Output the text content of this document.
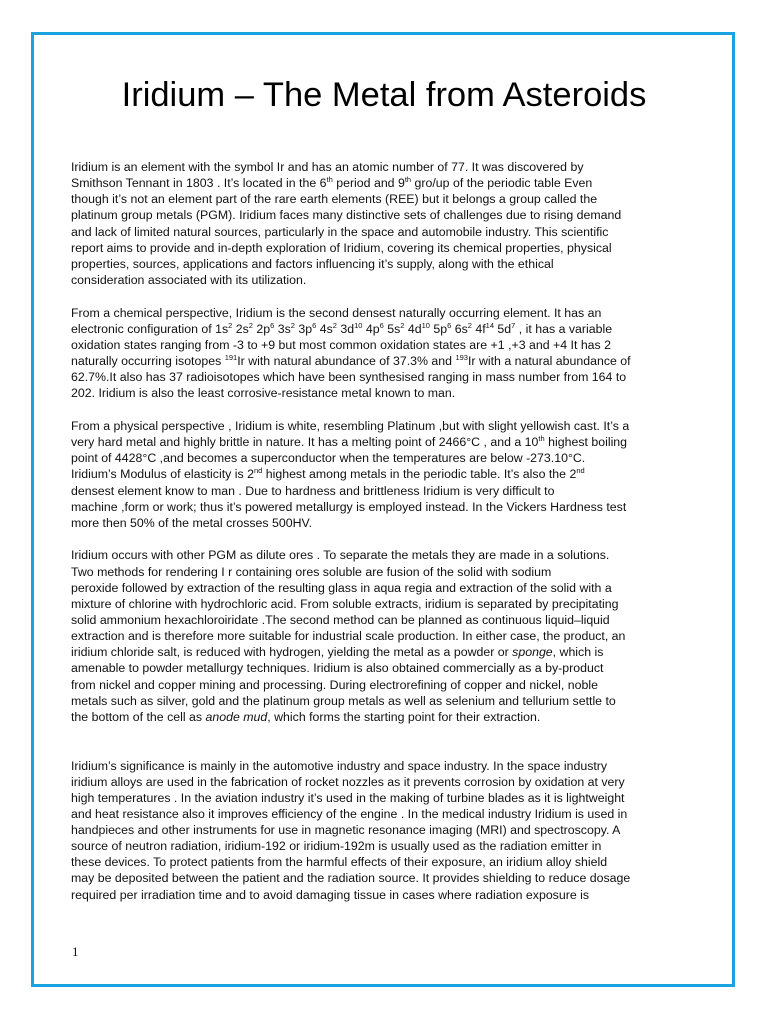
Iridium – The Metal from Asteroids
Iridium is an element with the symbol Ir and has an atomic number of 77. It was discovered by
Smithson Tennant in 1803 . It’s located in the 6th period and 9th gro/up of the periodic table Even
though it’s not an element part of the rare earth elements (REE) but it belongs a group called the
platinum group metals (PGM). Iridium faces many distinctive sets of challenges due to rising demand
and lack of limited natural sources, particularly in the space and automobile industry. This scientific
report aims to provide and in-depth exploration of Iridium, covering its chemical properties, physical
properties, sources, applications and factors influencing it’s supply, along with the ethical
consideration associated with its utilization.
From a chemical perspective, Iridium is the second densest naturally occurring element. It has an
electronic configuration of $1s^2$ $2s^2$ $2p^6$ $3s^2$ $3p^6$ $4s^2$ $3d^{10}$ $4p^6$ $5s^2$ $4d^{10}$ $5p^6$ $6s^2$ $4f^{14}$ $5d^7$ , it has a variable
oxidation states ranging from -3 to +9 but most common oxidation states are +1 ,+3 and +4 It has 2
naturally occurring isotopes $^{191}$Ir with natural abundance of 37.3% and $^{193}$Ir with a natural abundance of
62.7%.It also has 37 radioisotopes which have been synthesised ranging in mass number from 164 to
202. Iridium is also the least corrosive-resistance metal known to man.
From a physical perspective , Iridium is white, resembling Platinum ,but with slight yellowish cast. It’s a
very hard metal and highly brittle in nature. It has a melting point of 2466°C , and a 10th highest boiling
point of 4428°C ,and becomes a superconductor when the temperatures are below -273.10°C.
Iridium’s Modulus of elasticity is 2nd highest among metals in the periodic table. It’s also the 2nd
densest element know to man . Due to hardness and brittleness Iridium is very difficult to
machine ,form or work; thus it’s powered metallurgy is employed instead. In the Vickers Hardness test
more then 50% of the metal crosses 500HV.
Iridium occurs with other PGM as dilute ores . To separate the metals they are made in a solutions.
Two methods for rendering I r containing ores soluble are fusion of the solid with sodium
peroxide followed by extraction of the resulting glass in aqua regia and extraction of the solid with a
mixture of chlorine with hydrochloric acid. From soluble extracts, iridium is separated by precipitating
solid ammonium hexachloroiridate .The second method can be planned as continuous liquid–liquid
extraction and is therefore more suitable for industrial scale production. In either case, the product, an
iridium chloride salt, is reduced with hydrogen, yielding the metal as a powder or sponge, which is
amenable to powder metallurgy techniques. Iridium is also obtained commercially as a by-product
from nickel and copper mining and processing. During electrorefining of copper and nickel, noble
metals such as silver, gold and the platinum group metals as well as selenium and tellurium settle to
the bottom of the cell as anode mud, which forms the starting point for their extraction.
Iridium’s significance is mainly in the automotive industry and space industry. In the space industry
iridium alloys are used in the fabrication of rocket nozzles as it prevents corrosion by oxidation at very
high temperatures . In the aviation industry it’s used in the making of turbine blades as it is lightweight
and heat resistance also it improves efficiency of the engine . In the medical industry Iridium is used in
handpieces and other instruments for use in magnetic resonance imaging (MRI) and spectroscopy. A
source of neutron radiation, iridium-192 or iridium-192m is usually used as the radiation emitter in
these devices. To protect patients from the harmful effects of their exposure, an iridium alloy shield
may be deposited between the patient and the radiation source. It provides shielding to reduce dosage
required per irradiation time and to avoid damaging tissue in cases where radiation exposure is
1
